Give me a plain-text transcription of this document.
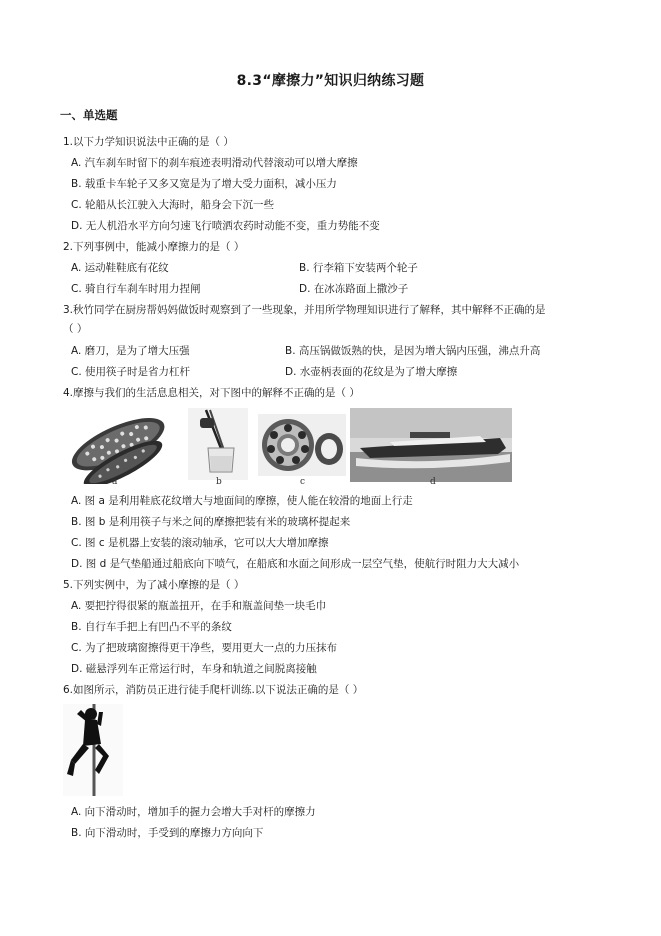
8.3“摩擦力”知识归纳练习题
一、单选题
1.以下力学知识说法中正确的是（ ）
A. 汽车刹车时留下的刹车痕迹表明滑动代替滚动可以增大摩擦
B. 载重卡车轮子又多又宽是为了增大受力面积，减小压力
C. 轮船从长江驶入大海时，船身会下沉一些
D. 无人机沿水平方向匀速飞行喷洒农药时动能不变，重力势能不变
2.下列事例中，能减小摩擦力的是（ ）
A. 运动鞋鞋底有花纹	B. 行李箱下安装两个轮子
C. 骑自行车刹车时用力捏闸	D. 在冰冻路面上撒沙子
3.秋竹同学在厨房帮妈妈做饭时观察到了一些现象，并用所学物理知识进行了解释，其中解释不正确的是
（ ）
A. 磨刀，是为了增大压强	B. 高压锅做饭熟的快，是因为增大锅内压强，沸点升高
C. 使用筷子时是省力杠杆	D. 水壶柄表面的花纹是为了增大摩擦
4.摩擦与我们的生活息息相关，对下图中的解释不正确的是（ ）
a	b	c	d
A. 图 a 是利用鞋底花纹增大与地面间的摩擦，使人能在较滑的地面上行走
B. 图 b 是利用筷子与米之间的摩擦把装有米的玻璃杯提起来
C. 图 c 是机器上安装的滚动轴承，它可以大大增加摩擦
D. 图 d 是气垫船通过船底向下喷气，在船底和水面之间形成一层空气垫，使航行时阻力大大减小
5.下列实例中，为了减小摩擦的是（ ）
A. 要把拧得很紧的瓶盖扭开，在手和瓶盖间垫一块毛巾
B. 自行车手把上有凹凸不平的条纹
C. 为了把玻璃窗擦得更干净些，要用更大一点的力压抹布
D. 磁悬浮列车正常运行时，车身和轨道之间脱离接触
6.如图所示，消防员正进行徒手爬杆训练.以下说法正确的是（ ）
A. 向下滑动时，增加手的握力会增大手对杆的摩擦力
B. 向下滑动时，手受到的摩擦力方向向下
